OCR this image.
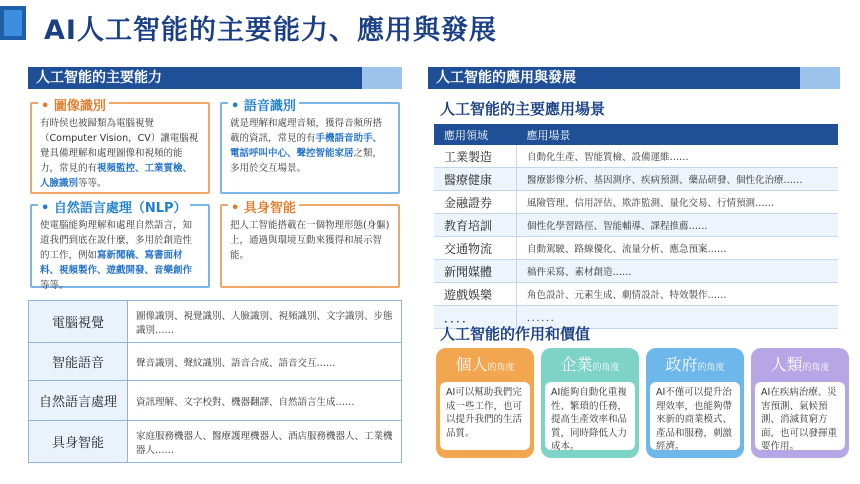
AI人工智能的主要能力、應用與發展
人工智能的主要能力
• 圖像識別
有時侯也被歸類為電腦視覺（Computer Vision，CV）讓電腦視覺具備理解和處理圖像和視頻的能力，常見的有視頻監控、工業質檢、人臉識別等等。
• 語音識別
就是理解和處理音頻，獲得音頻所搭載的資訊，常見的有手機語音助手、電話呼叫中心、聲控智能家居之類，多用於交互場景。
• 自然語言處理（NLP）
使電腦能夠理解和處理自然語言，知道我們到底在說什麼，多用於創造性的工作，例如寫新聞稿、寫書面材料、視頻製作、遊戲開發、音樂創作等等。
• 具身智能
把人工智能搭載在一個物理形態(身軀)上，通過與環境互動來獲得和展示智能。
電腦視覺	圖像識別、視覺識別、人臉識別、視頻識別、文字識別、步態識別……
智能語音	聲音識別、聲紋識別、語音合成、語音交互……
自然語言處理	資訊理解、文字校對、機器翻譯、自然語言生成……
具身智能	家庭服務機器人、醫療護理機器人、酒店服務機器人、工業機器人……
人工智能的應用與發展
人工智能的主要應用場景
應用領域	應用場景
工業製造	自動化生產、智能質檢、設備運維……
醫療健康	醫療影像分析、基因測序、疾病預測、藥品研發、個性化治療……
金融證券	風險管理、信用評估、欺詐監測、量化交易、行情預測……
教育培訓	個性化學習路徑、智能輔導、課程推薦……
交通物流	自動駕駛、路線優化、流量分析、應急預案……
新聞媒體	稿件采寫、素材創造……
遊戲娛樂	角色設計、元素生成、劇情設計、特效製作……
．．．．	．．．．．．
人工智能的作用和價值
個人的角度
AI可以幫助我們完成一些工作，也可以提升我們的生活品質。
企業的角度
AI能夠自動化重複性、繁瑣的任務，提高生產效率和品質，同時降低人力成本。
政府的角度
AI不僅可以提升治理效率，也能夠帶來新的商業模式、產品和服務，刺激經濟。
人類的角度
AI在疾病治療、災害預測、氣候預測、消滅貧窮方面，也可以發揮重要作用。
